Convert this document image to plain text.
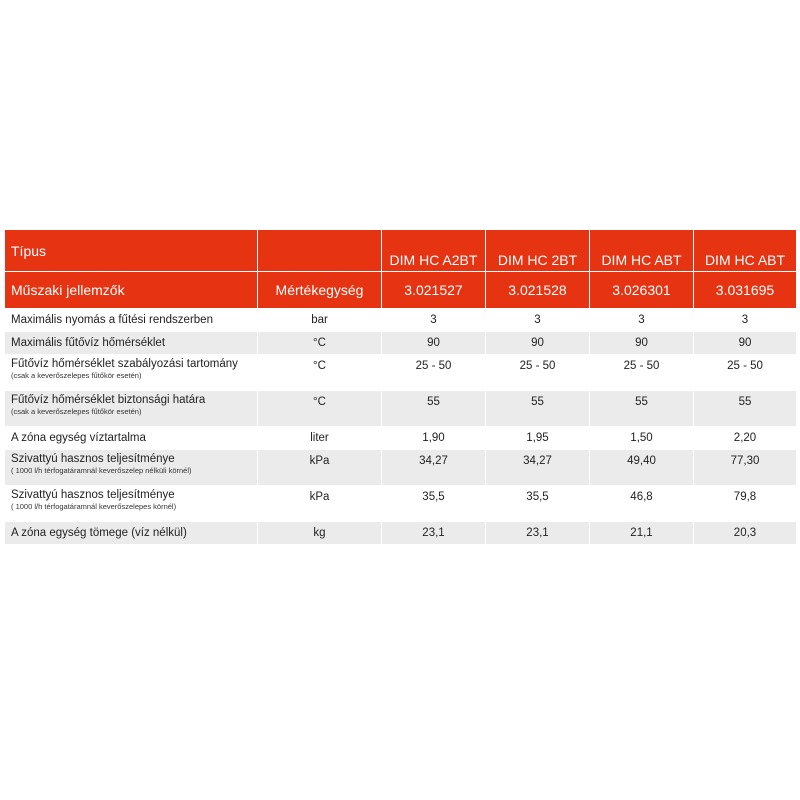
Típus		DIM HC A2BT	DIM HC 2BT	DIM HC ABT	DIM HC ABT
Műszaki jellemzők	Mértékegység	3.021527	3.021528	3.026301	3.031695
Maximális nyomás a fűtési rendszerben	bar	3	3	3	3
Maximális fűtővíz hőmérséklet	°C	90	90	90	90

Fűtővíz hőmérséklet szabályozási tartomány
(csak a keverőszelepes fűtőkör esetén)	°C	25 - 50	25 - 50	25 - 50	25 - 50

Fűtővíz hőmérséklet biztonsági határa
(csak a keverőszelepes fűtőkör esetén)	°C	55	55	55	55
A zóna egység víztartalma	liter	1,90	1,95	1,50	2,20

Szivattyú hasznos teljesítménye
( 1000 l/h térfogatáramnál keverőszelep nélküli körnél)	kPa	34,27	34,27	49,40	77,30

Szivattyú hasznos teljesítménye
( 1000 l/h térfogatáramnál keverőszelepes körnél)	kPa	35,5	35,5	46,8	79,8
A zóna egység tömege (víz nélkül)	kg	23,1	23,1	21,1	20,3
